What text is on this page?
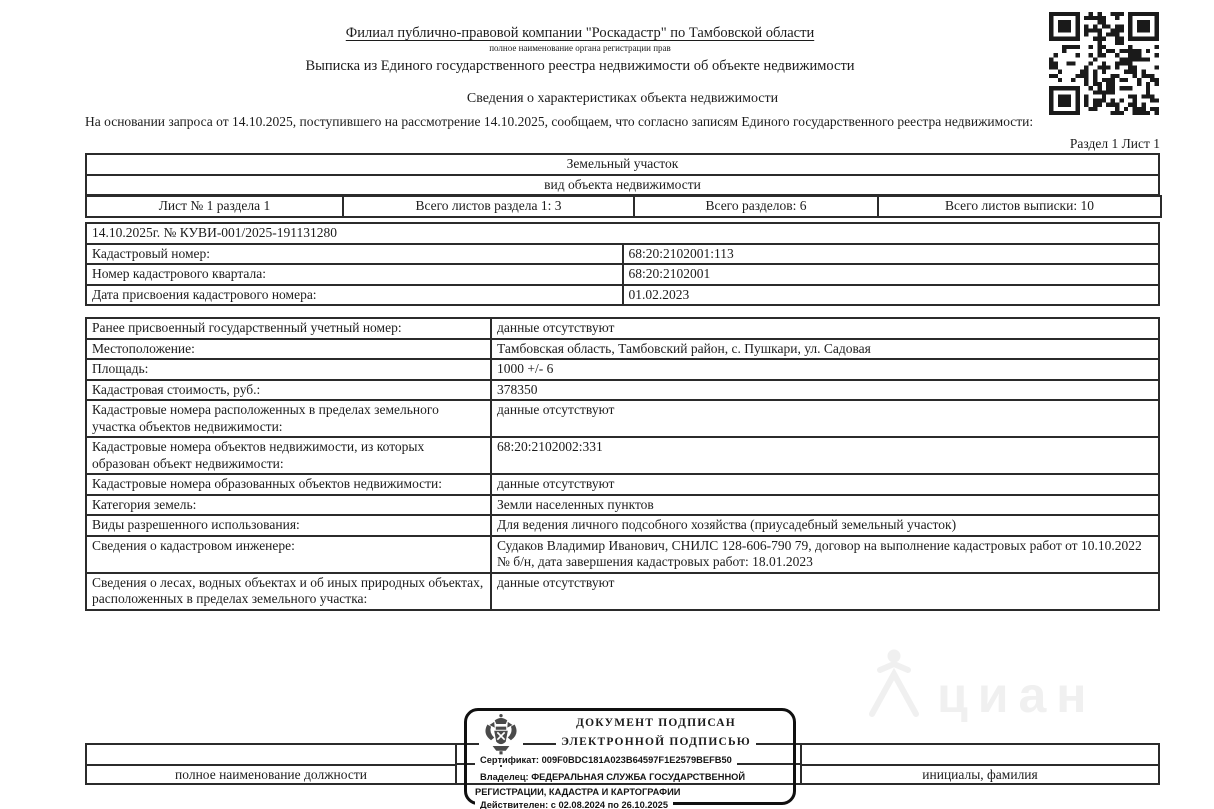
Филиал публично-правовой компании "Роскадастр" по Тамбовской области
полное наименование органа регистрации прав
Выписка из Единого государственного реестра недвижимости об объекте недвижимости
Сведения о характеристиках объекта недвижимости
На основании запроса от 14.10.2025, поступившего на рассмотрение 14.10.2025, сообщаем, что согласно записям Единого государственного реестра недвижимости:
Раздел 1 Лист 1
Земельный участок
вид объекта недвижимости
Лист № 1 раздела 1	Всего листов раздела 1: 3	Всего разделов: 6	Всего листов выписки: 10
14.10.2025г. № КУВИ-001/2025-191131280	
Кадастровый номер:	68:20:2102001:113
Номер кадастрового квартала:	68:20:2102001
Дата присвоения кадастрового номера:	01.02.2023
Ранее присвоенный государственный учетный номер:	данные отсутствуют
Местоположение:	Тамбовская область, Тамбовский район, с. Пушкари, ул. Садовая
Площадь:	1000 +/- 6
Кадастровая стоимость, руб.:	378350
Кадастровые номера расположенных в пределах земельного участка объектов недвижимости:	данные отсутствуют
Кадастровые номера объектов недвижимости, из которых образован объект недвижимости:	68:20:2102002:331
Кадастровые номера образованных объектов недвижимости:	данные отсутствуют
Категория земель:	Земли населенных пунктов
Виды разрешенного использования:	Для ведения личного подсобного хозяйства (приусадебный земельный участок)
Сведения о кадастровом инженере:	Судаков Владимир Иванович, СНИЛС 128-606-790 79, договор на выполнение кадастровых работ от 10.10.2022 № б/н, дата завершения кадастровых работ: 18.01.2023
Сведения о лесах, водных объектах и об иных природных объектах, расположенных в пределах земельного участка:	данные отсутствуют
циан
полное наименование должности	инициалы, фамилия
ДОКУМЕНТ ПОДПИСАН
ЭЛЕКТРОННОЙ ПОДПИСЬЮ
Сертификат: 009F0BDC181A023B64597F1E2579BEFB50
Владелец: ФЕДЕРАЛЬНАЯ СЛУЖБА ГОСУДАРСТВЕННОЙ РЕГИСТРАЦИИ, КАДАСТРА И КАРТОГРАФИИ
Действителен: с 02.08.2024 по 26.10.2025
